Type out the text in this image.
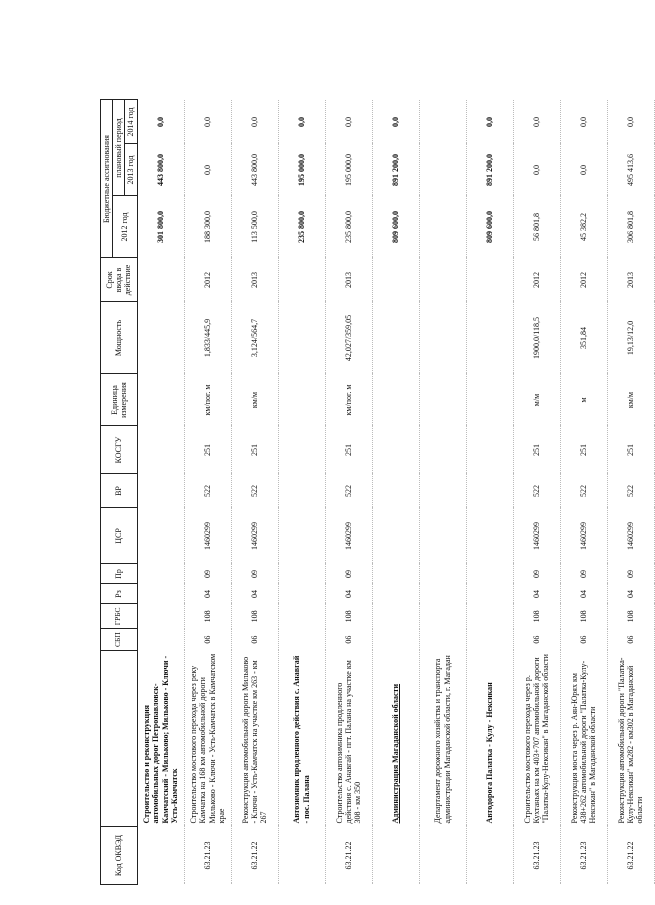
Код ОКВЭД		СБП	ГРБС	Рз	Пр	ЦСР	ВР	КОСГУ	Единица измерения	Мощность	Срок ввода в действие	Бюджетные ассигнования		
												2012 год	плановый период	
													2013 год	2014 год
	Строительство и реконструкция автомобильных дорог Петропавловск-Камчатский - Мильково; Мильково - Ключи - Усть-Камчатск											301 800,0	443 800,0	0,0
63.21.23	Строительство мостового перехода через реку Камчатка на 168 км автомобильной дороги Мильково - Ключи - Усть-Камчатск в Камчатском крае	06	108	04	09	1460299	522	251	км/пог. м	1,833/445,9	2012	188 300,0	0,0	0,0
63.21.22	Реконструкция автомобильной дороги Мильково - Ключи - Усть-Камчатск на участке км 263 - км 267	06	108	04	09	1460299	522	251	км/м	3,124/564,7	2013	113 500,0	443 800,0	0,0
	Автозимник продленного действия с. Анавгай - пос. Палана											235 800,0	195 000,0	0,0
63.21.22	Строительство автозимника продленного действия с. Анавгай - пгт. Палана на участке км 308 - км 350	06	108	04	09	1460299	522	251	км/пог. м	42,027/359,05	2013	235 800,0	195 000,0	0,0
	Администрация Магаданской области											809 600,0	891 200,0	0,0
	Департамент дорожного хозяйства и транспорта администрации Магаданской области, г. Магадан													
	Автодорога Палатка - Кулу - Нексикан											809 600,0	891 200,0	0,0
63.21.23	Строительство мостового перехода через р. Кухтаньях на км 403+707 автомобильной дороги "Палатка-Кулу-Нексикан" в Магаданской области	06	108	04	09	1460299	522	251	м/м	1900,0/118,5	2012	56 801,8	0,0	0,0
63.21.23	Реконструкция моста через р. Аян-Юрях км 438+262 автомобильной дороги "Палатка-Кулу-Нексикан" в Магаданской области	06	108	04	09	1460299	522	251	м	351,84	2012	45 382,2	0,0	0,0
63.21.22	Реконструкция автомобильной дороги "Палатка-Кулу-Нексикан" км282 - км302 в Магаданской области	06	108	04	09	1460299	522	251	км/м	19,13/12,0	2013	306 801,8	495 413,6	0,0
